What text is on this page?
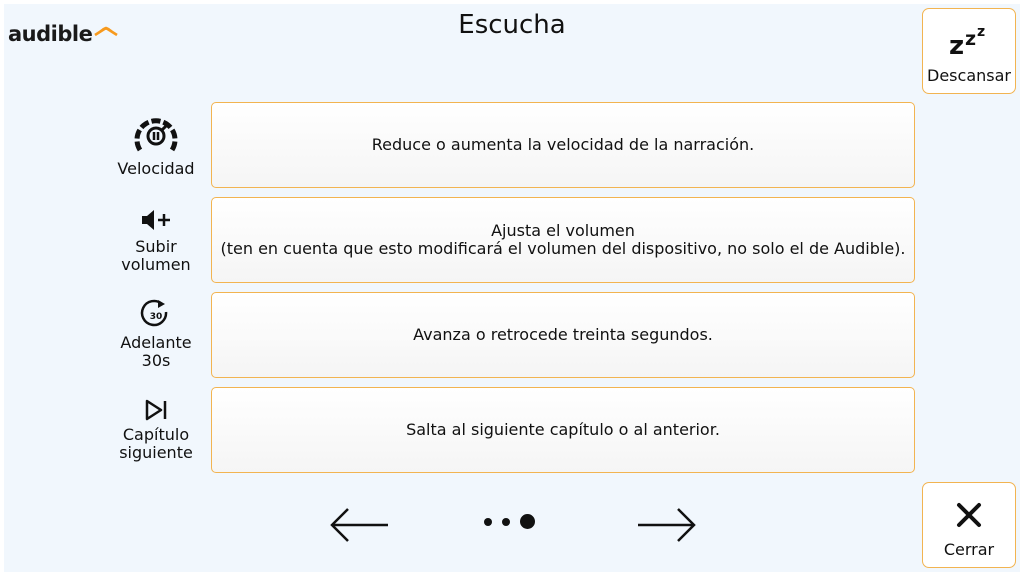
audible	Escucha
z z z
Descansar
Velocidad
Reduce o aumenta la velocidad de la narración.
Subir volumen
Ajusta el volumen
(ten en cuenta que esto modificará el volumen del dispositivo, no solo el de Audible).
30
Adelante 30s
Avanza o retrocede treinta segundos.
Capítulo siguiente
Salta al siguiente capítulo o al anterior.
Cerrar
